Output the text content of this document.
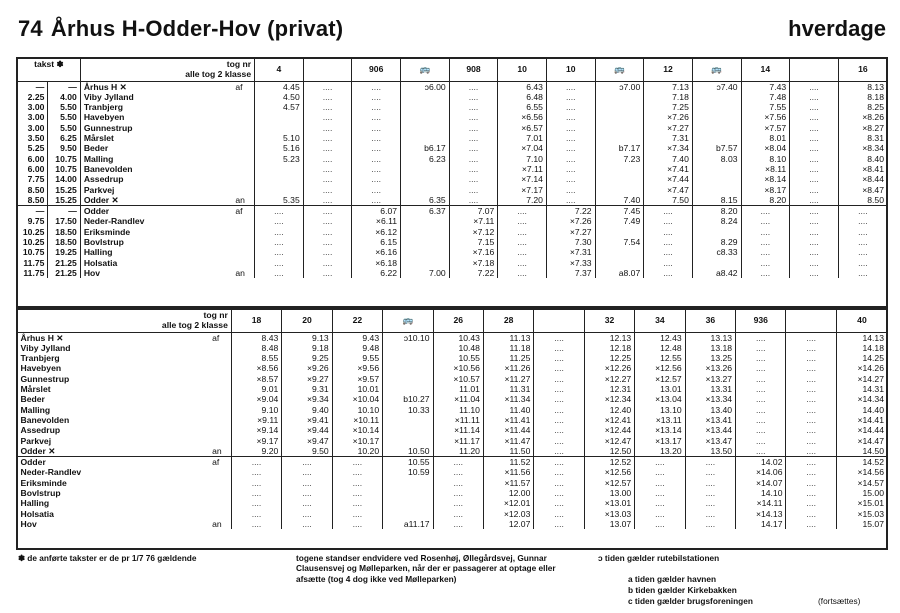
74 Århus H-Odder-Hov (privat)	hverdage
takst ✽		tog nr
alle tog 2 klasse		4		906	🚌	908	10	10	🚌	12	🚌	14		16
—	—	Århus H ✕	af	4.45	....	....	ↄ6.00	....	6.43	....	ↄ7.00	7.13	ↄ7.40	7.43	....	8.13
2.25	4.00	Viby Jylland		4.50	....	....		....	6.48	....		7.18		7.48	....	8.18
3.00	5.50	Tranbjerg		4.57	....	....		....	6.55	....		7.25		7.55	....	8.25
3.00	5.50	Havebyen			....	....		....	×6.56	....		×7.26		×7.56	....	×8.26
3.00	5.50	Gunnestrup			....	....		....	×6.57	....		×7.27		×7.57	....	×8.27
3.50	6.25	Mårslet		5.10	....	....		....	7.01	....		7.31		8.01	....	8.31
5.25	9.50	Beder		5.16	....	....	b6.17	....	×7.04	....	b7.17	×7.34	b7.57	×8.04	....	×8.34
6.00	10.75	Malling		5.23	....	....	6.23	....	7.10	....	7.23	7.40	8.03	8.10	....	8.40
6.00	10.75	Banevolden			....	....		....	×7.11	....		×7.41		×8.11	....	×8.41
7.75	14.00	Assedrup			....	....		....	×7.14	....		×7.44		×8.14	....	×8.44
8.50	15.25	Parkvej			....	....		....	×7.17	....		×7.47		×8.17	....	×8.47
8.50	15.25	Odder ✕	an	5.35	....	....	6.35	....	7.20	....	7.40	7.50	8.15	8.20	....	8.50
—	—	Odder	af	....	....	6.07	6.37	7.07	....	7.22	7.45	....	8.20	....	....	....
9.75	17.50	Neder-Randlev		....	....	×6.11		×7.11	....	×7.26	7.49	....	8.24	....	....	....
10.25	18.50	Eriksminde		....	....	×6.12		×7.12	....	×7.27		....		....	....	....
10.25	18.50	Bovlstrup		....	....	6.15		7.15	....	7.30	7.54	....	8.29	....	....	....
10.75	19.25	Halling		....	....	×6.16		×7.16	....	×7.31		....	c8.33	....	....	....
11.75	21.25	Holsatia		....	....	×6.18		×7.18	....	×7.33		....		....	....	....
11.75	21.25	Hov	an	....	....	6.22	7.00	7.22	....	7.37	a8.07	....	a8.42	....	....	....
tog nr
alle tog 2 klasse		18	20	22	🚌	26	28		32	34	36	936		40
Århus H ✕	af	8.43	9.13	9.43	ↄ10.10	10.43	11.13	....	12.13	12.43	13.13	....	....	14.13
Viby Jylland		8.48	9.18	9.48		10.48	11.18	....	12.18	12.48	13.18	....	....	14.18
Tranbjerg		8.55	9.25	9.55		10.55	11.25	....	12.25	12.55	13.25	....	....	14.25
Havebyen		×8.56	×9.26	×9.56		×10.56	×11.26	....	×12.26	×12.56	×13.26	....	....	×14.26
Gunnestrup		×8.57	×9.27	×9.57		×10.57	×11.27	....	×12.27	×12.57	×13.27	....	....	×14.27
Mårslet		9.01	9.31	10.01		11.01	11.31	....	12.31	13.01	13.31	....	....	14.31
Beder		×9.04	×9.34	×10.04	b10.27	×11.04	×11.34	....	×12.34	×13.04	×13.34	....	....	×14.34
Malling		9.10	9.40	10.10	10.33	11.10	11.40	....	12.40	13.10	13.40	....	....	14.40
Banevolden		×9.11	×9.41	×10.11		×11.11	×11.41	....	×12.41	×13.11	×13.41	....	....	×14.41
Assedrup		×9.14	×9.44	×10.14		×11.14	×11.44	....	×12.44	×13.14	×13.44	....	....	×14.44
Parkvej		×9.17	×9.47	×10.17		×11.17	×11.47	....	×12.47	×13.17	×13.47	....	....	×14.47
Odder ✕	an	9.20	9.50	10.20	10.50	11.20	11.50	....	12.50	13.20	13.50	....	....	14.50
Odder	af	....	....	....	10.55	....	11.52	....	12.52	....	....	14.02	....	14.52
Neder-Randlev		....	....	....	10.59	....	×11.56	....	×12.56	....	....	×14.06	....	×14.56
Eriksminde		....	....	....		....	×11.57	....	×12.57	....	....	×14.07	....	×14.57
Bovlstrup		....	....	....		....	12.00	....	13.00	....	....	14.10	....	15.00
Halling		....	....	....		....	×12.01	....	×13.01	....	....	×14.11	....	×15.01
Holsatia		....	....	....		....	×12.03	....	×13.03	....	....	×14.13	....	×15.03
Hov	an	....	....	....	a11.17	....	12.07	....	13.07	....	....	14.17	....	15.07
✽ de anførte takster er de pr 1/7 76 gældende	togene standser endvidere ved Rosenhøj, Øllegårdsvej, Gunnar Clausensvej og Mølleparken, når der er passagerer at optage eller afsætte (tog 4 dog ikke ved Mølleparken)
ↄ tiden gælder rutebilstationen
a tiden gælder havnen
b tiden gælder Kirkebakken
c tiden gælder brugsforeningen	(fortsættes)
